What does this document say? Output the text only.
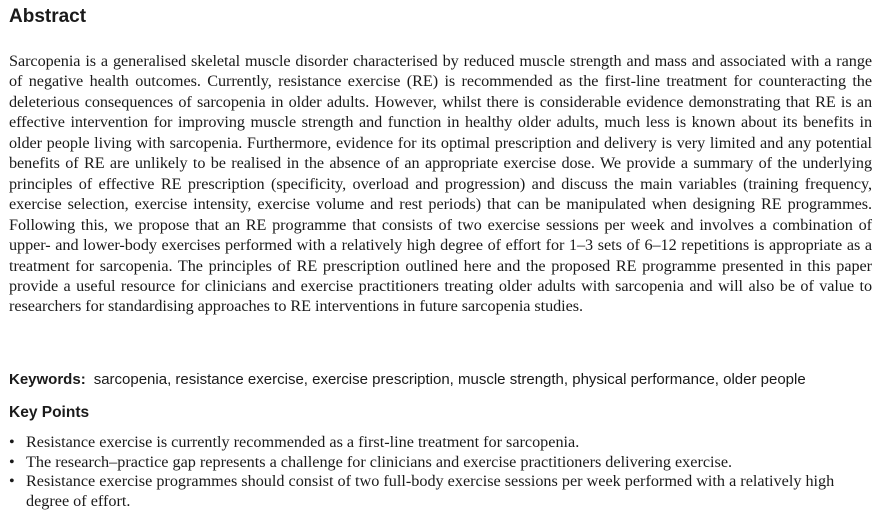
Abstract

Sarcopenia is a generalised skeletal muscle disorder characterised by reduced muscle strength and mass and associated with a range of negative health outcomes. Currently, resistance exercise (RE) is recommended as the first-line treatment for counteracting the deleterious consequences of sarcopenia in older adults. However, whilst there is considerable evidence demonstrating that RE is an effective intervention for improving muscle strength and function in healthy older adults, much less is known about its benefits in older people living with sarcopenia. Furthermore, evidence for its optimal prescription and delivery is very limited and any potential benefits of RE are unlikely to be realised in the absence of an appropriate exercise dose. We provide a summary of the underlying principles of effective RE prescription (specificity, overload and progression) and discuss the main variables (training frequency, exercise selection, exercise intensity, exercise volume and rest periods) that can be manipulated when designing RE programmes. Following this, we propose that an RE programme that consists of two exercise sessions per week and involves a combination of upper- and lower-body exercises performed with a relatively high degree of effort for 1–3 sets of 6–12 repetitions is appropriate as a treatment for sarcopenia. The principles of RE prescription outlined here and the proposed RE programme presented in this paper provide a useful resource for clinicians and exercise practitioners treating older adults with sarcopenia and will also be of value to researchers for standardising approaches to RE interventions in future sarcopenia studies.

Keywords: sarcopenia, resistance exercise, exercise prescription, muscle strength, physical performance, older people

Key Points
• Resistance exercise is currently recommended as a first-line treatment for sarcopenia.
• The research–practice gap represents a challenge for clinicians and exercise practitioners delivering exercise.
• Resistance exercise programmes should consist of two full-body exercise sessions per week performed with a relatively high degree of effort.
